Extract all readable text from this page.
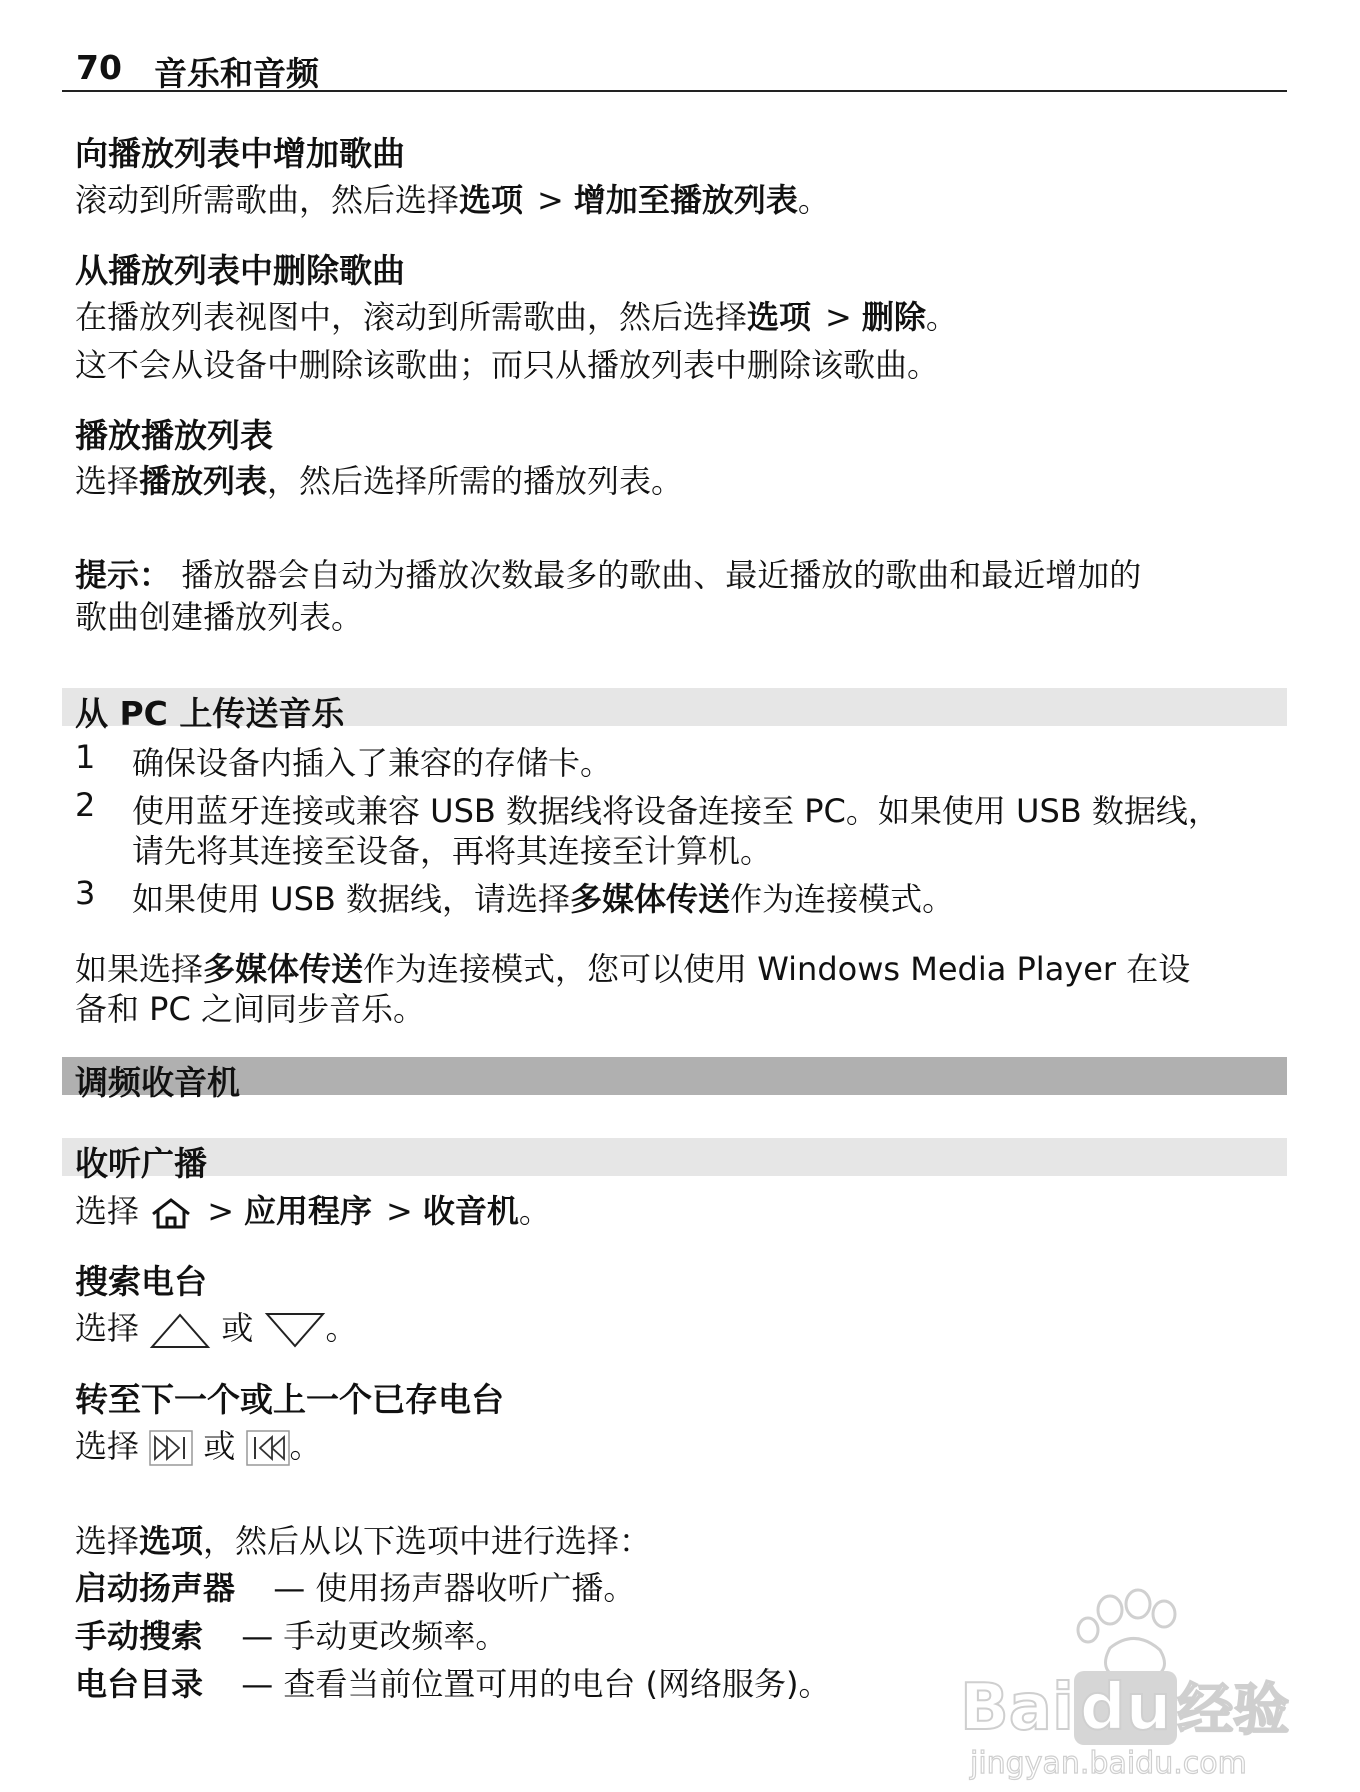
70 音乐和音频
向播放列表中增加歌曲
滚动到所需歌曲，然后选择选项 > 增加至播放列表。
从播放列表中删除歌曲
在播放列表视图中，滚动到所需歌曲，然后选择选项 > 删除。
这不会从设备中删除该歌曲；而只从播放列表中删除该歌曲。
播放播放列表
选择播放列表，然后选择所需的播放列表。
提示： 播放器会自动为播放次数最多的歌曲、最近播放的歌曲和最近增加的
歌曲创建播放列表。
从 PC 上传送音乐
1 确保设备内插入了兼容的存储卡。
2 使用蓝牙连接或兼容 USB 数据线将设备连接至 PC。如果使用 USB 数据线，
请先将其连接至设备，再将其连接至计算机。
3 如果使用 USB 数据线，请选择多媒体传送作为连接模式。
如果选择多媒体传送作为连接模式，您可以使用 Windows Media Player 在设
备和 PC 之间同步音乐。
调频收音机
收听广播
选择 > 应用程序 > 收音机。
搜索电台
选择	或 。
转至下一个或上一个已存电台
选择 或 。
选择选项，然后从以下选项中进行选择：
启动扬声器 — 使用扬声器收听广播。
手动搜索 — 手动更改频率。
电台目录 — 查看当前位置可用的电台 (网络服务)。 Baidu 经验
jingyan.baidu.com
